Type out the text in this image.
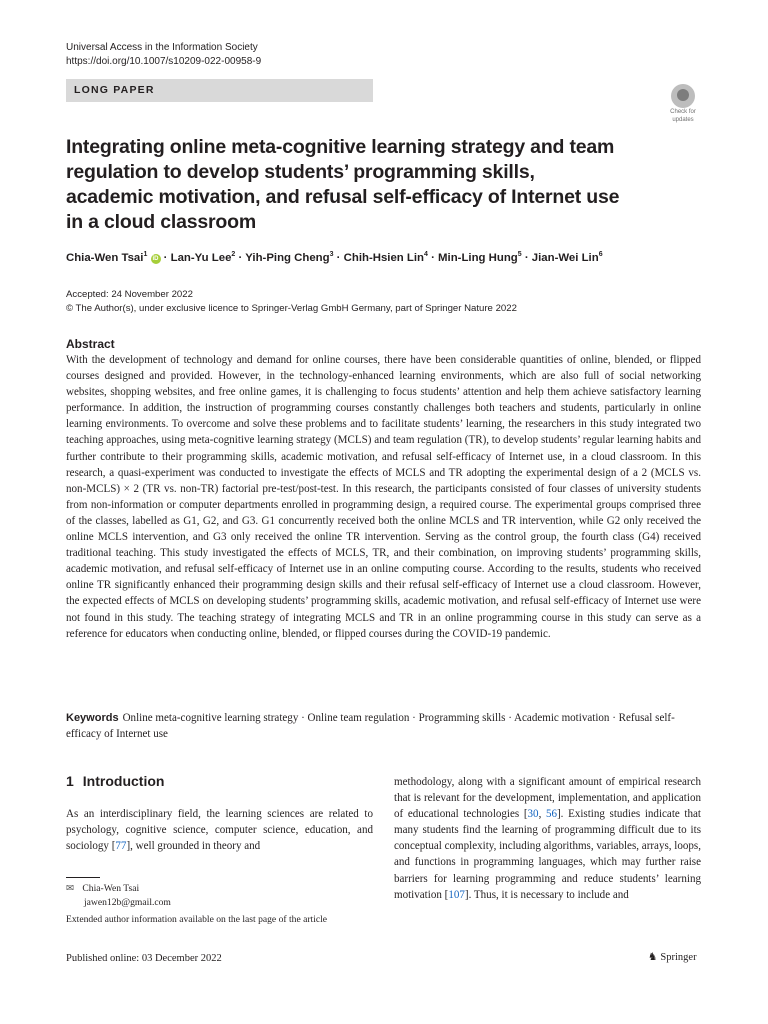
Universal Access in the Information Society
https://doi.org/10.1007/s10209-022-00958-9
LONG PAPER
Check for
updates
Integrating online meta-cognitive learning strategy and team regulation to develop students’ programming skills, academic motivation, and refusal self-efficacy of Internet use in a cloud classroom
Chia-Wen Tsai$^1$ iD · Lan-Yu Lee$^2$ · Yih-Ping Cheng$^3$ · Chih-Hsien Lin$^4$ · Min-Ling Hung$^5$ · Jian-Wei Lin$^6$
Accepted: 24 November 2022
© The Author(s), under exclusive licence to Springer-Verlag GmbH Germany, part of Springer Nature 2022
Abstract
With the development of technology and demand for online courses, there have been considerable quantities of online, blended, or flipped courses designed and provided. However, in the technology-enhanced learning environments, which are also full of social networking websites, shopping websites, and free online games, it is challenging to focus students’ attention and help them achieve satisfactory learning performance. In addition, the instruction of programming courses constantly challenges both teachers and students, particularly in online learning environments. To overcome and solve these problems and to facilitate students’ learning, the researchers in this study integrated two teaching approaches, using meta-cognitive learning strategy (MCLS) and team regulation (TR), to develop students’ regular learning habits and further contribute to their programming skills, academic motivation, and refusal self-efficacy of Internet use, in a cloud classroom. In this research, a quasi-experiment was conducted to investigate the effects of MCLS and TR adopting the experimental design of a 2 (MCLS vs. non-MCLS) × 2 (TR vs. non-TR) factorial pre-test/post-test. In this research, the participants consisted of four classes of university students from non-information or computer departments enrolled in programming design, a required course. The experimental groups comprised three of the classes, labelled as G1, G2, and G3. G1 concurrently received both the online MCLS and TR intervention, while G2 only received the online MCLS intervention, and G3 only received the online TR intervention. Serving as the control group, the fourth class (G4) received traditional teaching. This study investigated the effects of MCLS, TR, and their combination, on improving students’ programming skills, academic motivation, and refusal self-efficacy of Internet use in an online computing course. According to the results, students who received online TR significantly enhanced their programming design skills and their refusal self-efficacy of Internet use a cloud classroom. However, the expected effects of MCLS on developing students’ programming skills, academic motivation, and refusal self-efficacy of Internet use were not found in this study. The teaching strategy of integrating MCLS and TR in an online programming course in this study can serve as a reference for educators when conducting online, blended, or flipped courses during the COVID-19 pandemic.
Keywords Online meta-cognitive learning strategy · Online team regulation · Programming skills · Academic motivation · Refusal self-efficacy of Internet use
1 Introduction
As an interdisciplinary field, the learning sciences are related to psychology, cognitive science, computer science, education, and sociology [77], well grounded in theory and
methodology, along with a significant amount of empirical research that is relevant for the development, implementation, and application of educational technologies [30, 56]. Existing studies indicate that many students find the learning of programming difficult due to its conceptual complexity, including algorithms, variables, arrays, loops, and functions in programming languages, which may further raise barriers for learning programming and reduce students’ learning motivation [107]. Thus, it is necessary to include and
✉ Chia-Wen Tsai
jawen12b@gmail.com
Extended author information available on the last page of the article
Published online: 03 December 2022	♞ Springer
